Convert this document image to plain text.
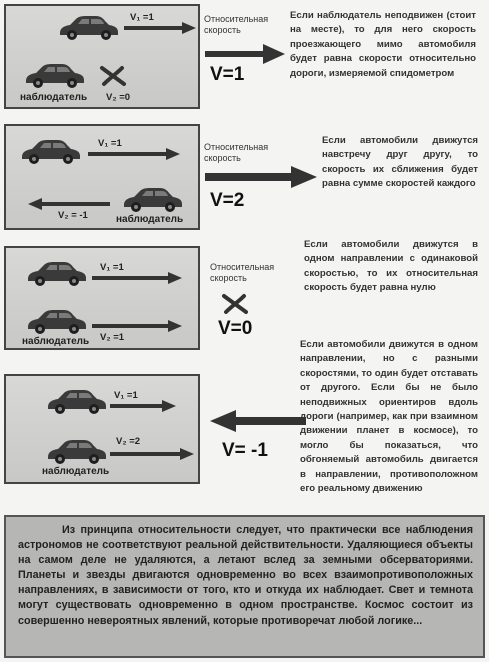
V₁ =1
наблюдатель V₂ =0
Относительная
скорость
V=1
Если наблюдатель неподвижен (стоит на месте), то для него скорость проезжающего мимо автомобиля будет равна скорости относительно дороги, измеряемой спидометром
V₁ =1
V₂ = -1	наблюдатель
Относительная
скорость
V=2
Если автомобили движутся навстречу друг другу, то скорость их сближения будет равна сумме скоростей каждого
V₁ =1
наблюдатель V₂ =1
Относительная
скорость
V=0
Если автомобили движутся в одном направлении с одинаковой скоростью, то их относительная скорость будет равна нулю
V₁ =1
наблюдатель
V₂ =2	V= -1
Если автомобили движутся в одном направлении, но с разными скоростями, то один будет отставать от другого. Если бы не было неподвижных ориентиров вдоль дороги (например, как при взаимном движении планет в космосе), то могло бы показаться, что обгоняемый автомобиль двигается в направлении, противоположном его реальному движению
Из принципа относительности следует, что практически все наблюдения астрономов не соответствуют реальной действительности. Удаляющиеся объекты на самом деле не удаляются, а летают вслед за земными обсерваториями. Планеты и звезды двигаются одновременно во всех взаимопротивоположных направлениях, в зависимости от того, кто и откуда их наблюдает. Свет и темнота могут существовать одновременно в одном пространстве. Космос состоит из совершенно невероятных явлений, которые противоречат любой логике...
